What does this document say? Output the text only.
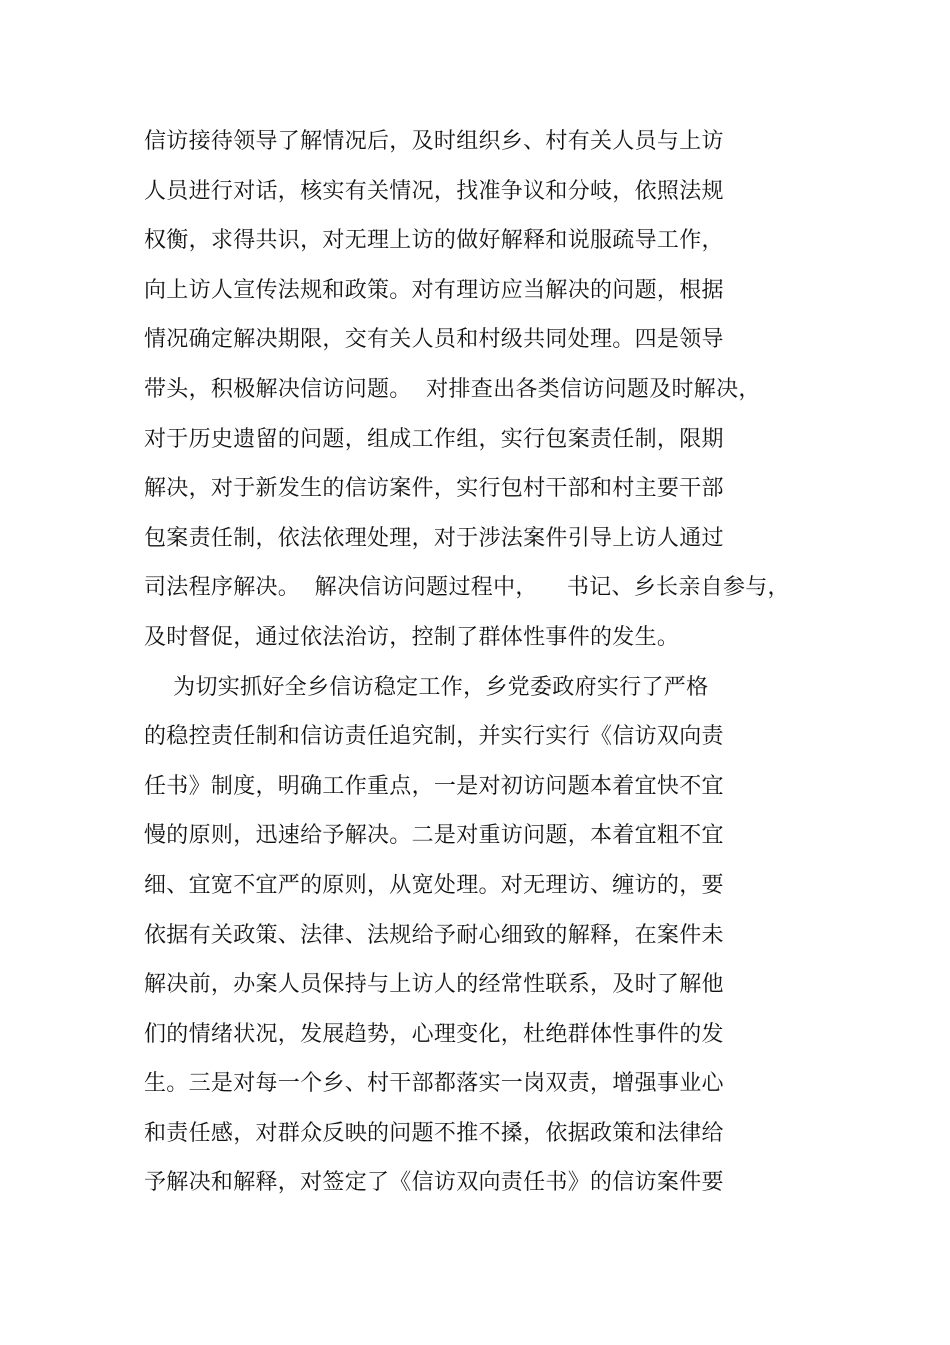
信访接待领导了解情况后，及时组织乡、村有关人员与上访
人员进行对话，核实有关情况，找准争议和分岐，依照法规
权衡，求得共识，对无理上访的做好解释和说服疏导工作，
向上访人宣传法规和政策。对有理访应当解决的问题，根据
情况确定解决期限，交有关人员和村级共同处理。四是领导
带头，积极解决信访问题。  对排查出各类信访问题及时解决，
对于历史遗留的问题，组成工作组，实行包案责任制，限期
解决，对于新发生的信访案件，实行包村干部和村主要干部
包案责任制，依法依理处理，对于涉法案件引导上访人通过
司法程序解决。  解决信访问题过程中，    书记、乡长亲自参与，
及时督促，通过依法治访，控制了群体性事件的发生。
为切实抓好全乡信访稳定工作，乡党委政府实行了严格
的稳控责任制和信访责任追究制，并实行实行《信访双向责
任书》制度，明确工作重点，一是对初访问题本着宜快不宜
慢的原则，迅速给予解决。二是对重访问题，本着宜粗不宜
细、宜宽不宜严的原则，从宽处理。对无理访、缠访的，要
依据有关政策、法律、法规给予耐心细致的解释，在案件未
解决前，办案人员保持与上访人的经常性联系，及时了解他
们的情绪状况，发展趋势，心理变化，杜绝群体性事件的发
生。三是对每一个乡、村干部都落实一岗双责，增强事业心
和责任感，对群众反映的问题不推不搡，依据政策和法律给
予解决和解释，对签定了《信访双向责任书》的信访案件要
